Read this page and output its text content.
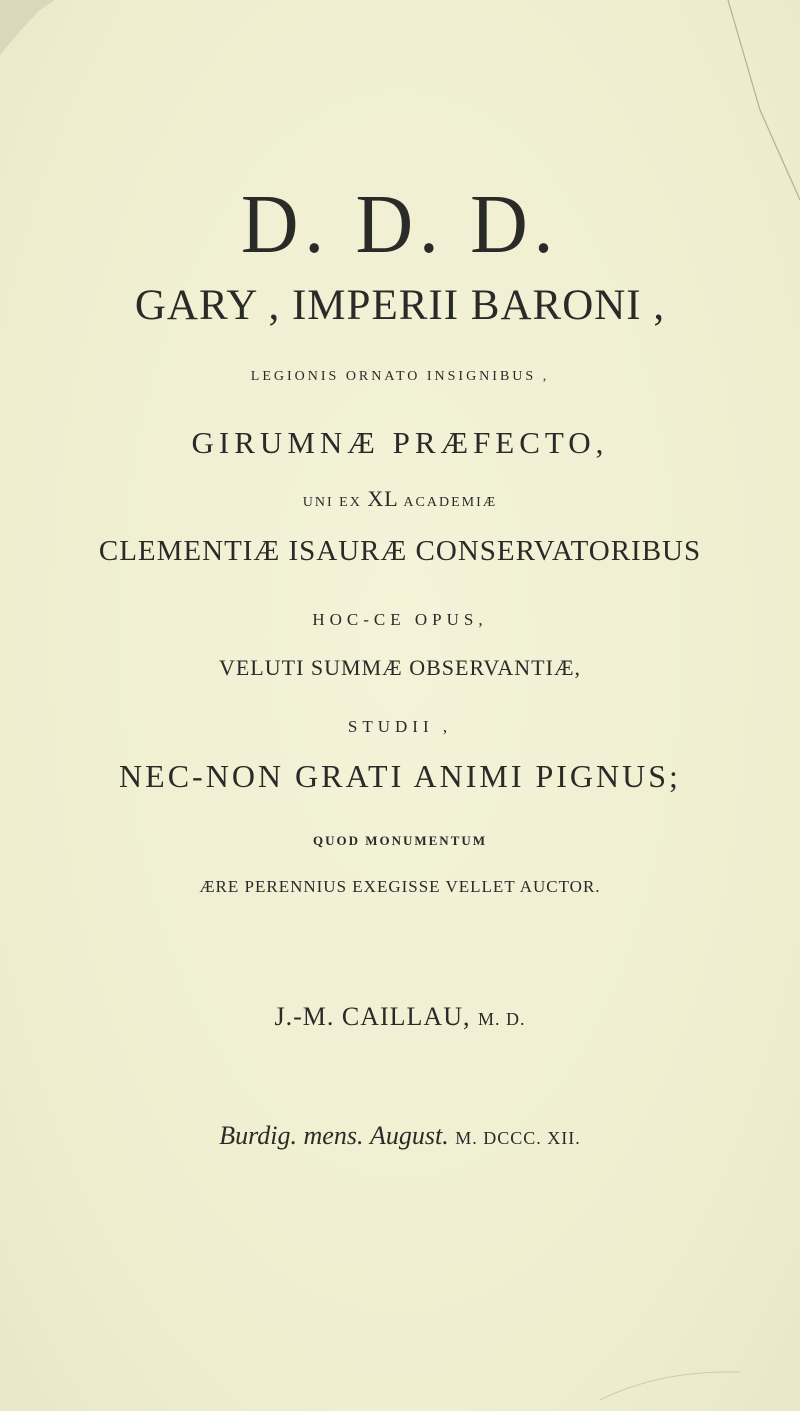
D. D. D.
GARY , IMPERII BARONI ,
LEGIONIS ORNATO INSIGNIBUS ,
GIRUMNÆ PRÆFECTO,
UNI EX XL ACADEMIÆ
CLEMENTIÆ ISAURÆ CONSERVATORIBUS
HOC-CE OPUS,
VELUTI SUMMÆ OBSERVANTIÆ,
STUDII ,
NEC-NON GRATI ANIMI PIGNUS;
QUOD MONUMENTUM
ÆRE PERENNIUS EXEGISSE VELLET AUCTOR.
J.-M. CAILLAU, M. D.
Burdig. mens. August. M. DCCC. XII.
